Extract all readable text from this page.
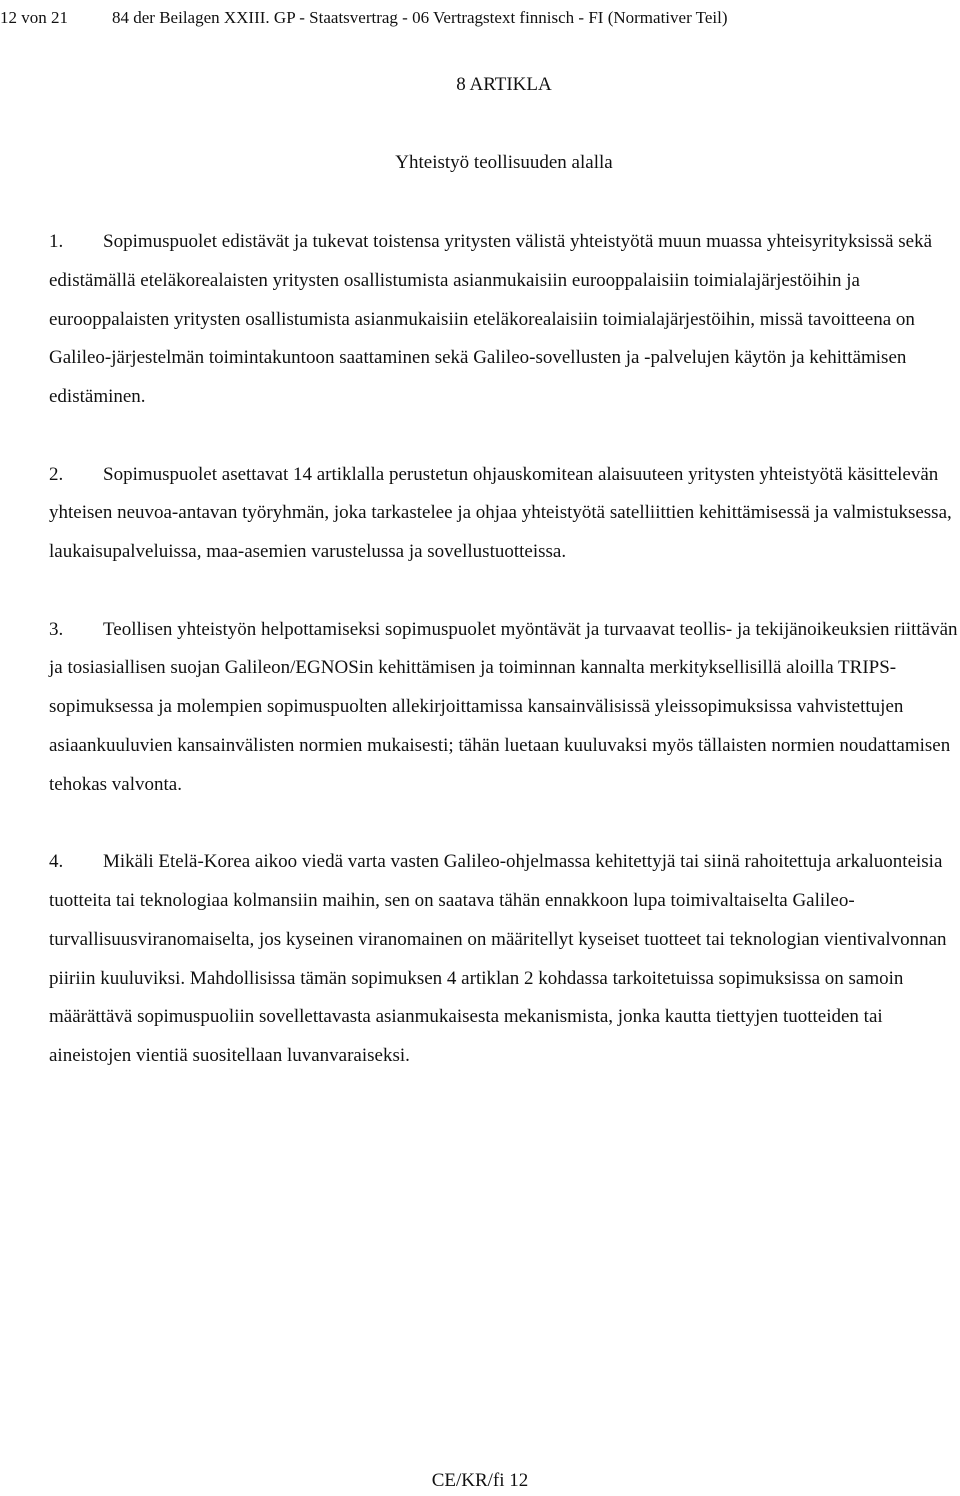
12 von 21	84 der Beilagen XXIII. GP - Staatsvertrag - 06 Vertragstext finnisch - FI (Normativer Teil)
8 ARTIKLA
Yhteistyö teollisuuden alalla

1. Sopimuspuolet edistävät ja tukevat toistensa yritysten välistä yhteistyötä muun muassa yhteisyrityksissä sekä edistämällä eteläkorealaisten yritysten osallistumista asianmukaisiin eurooppalaisiin toimialajärjestöihin ja eurooppalaisten yritysten osallistumista asianmukaisiin eteläkorealaisiin toimialajärjestöihin, missä tavoitteena on Galileo-järjestelmän toimintakuntoon saattaminen sekä Galileo-sovellusten ja -palvelujen käytön ja kehittämisen edistäminen.

2. Sopimuspuolet asettavat 14 artiklalla perustetun ohjauskomitean alaisuuteen yritysten yhteistyötä käsittelevän yhteisen neuvoa-antavan työryhmän, joka tarkastelee ja ohjaa yhteistyötä satelliittien kehittämisessä ja valmistuksessa, laukaisupalveluissa, maa-asemien varustelussa ja sovellustuotteissa.

3. Teollisen yhteistyön helpottamiseksi sopimuspuolet myöntävät ja turvaavat teollis- ja tekijänoikeuksien riittävän ja tosiasiallisen suojan Galileon/EGNOSin kehittämisen ja toiminnan kannalta merkityksellisillä aloilla TRIPS-sopimuksessa ja molempien sopimuspuolten allekirjoittamissa kansainvälisissä yleissopimuksissa vahvistettujen asiaankuuluvien kansainvälisten normien mukaisesti; tähän luetaan kuuluvaksi myös tällaisten normien noudattamisen tehokas valvonta.

4. Mikäli Etelä-Korea aikoo viedä varta vasten Galileo-ohjelmassa kehitettyjä tai siinä rahoitettuja arkaluonteisia tuotteita tai teknologiaa kolmansiin maihin, sen on saatava tähän ennakkoon lupa toimivaltaiselta Galileo-turvallisuusviranomaiselta, jos kyseinen viranomainen on määritellyt kyseiset tuotteet tai teknologian vientivalvonnan piiriin kuuluviksi. Mahdollisissa tämän sopimuksen 4 artiklan 2 kohdassa tarkoitetuissa sopimuksissa on samoin määrättävä sopimuspuoliin sovellettavasta asianmukaisesta mekanismista, jonka kautta tiettyjen tuotteiden tai aineistojen vientiä suositellaan luvanvaraiseksi.

CE/KR/fi 12
